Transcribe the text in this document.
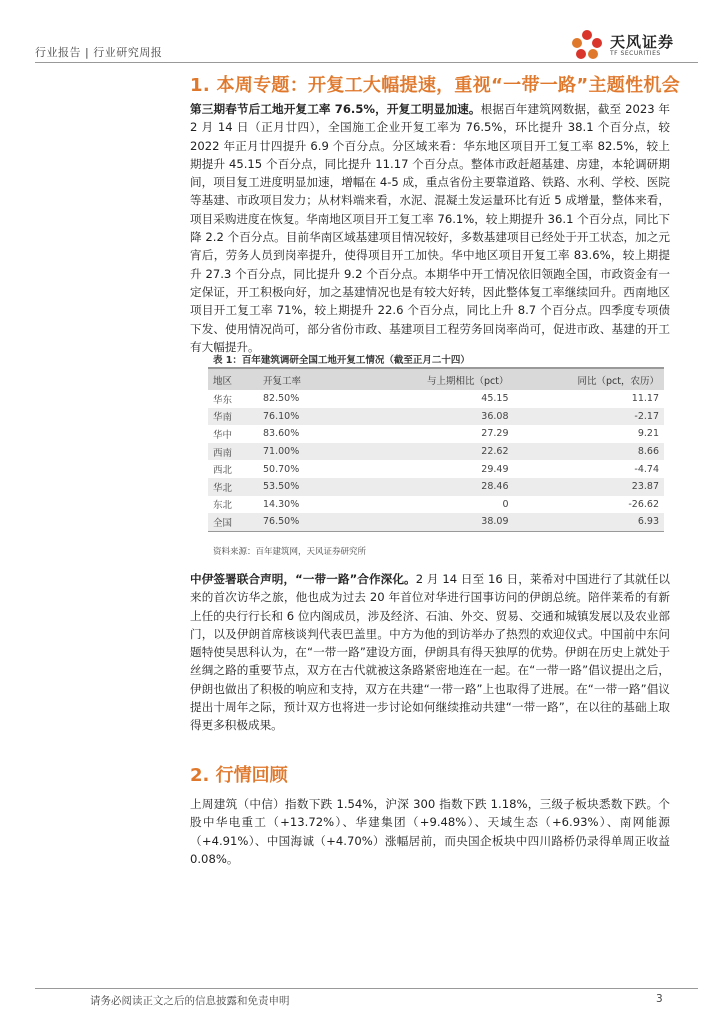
行业报告 | 行业研究周报
天风证券
TF SECURITIES
1. 本周专题：开复工大幅提速，重视“一带一路”主题性机会
第三期春节后工地开复工率 76.5%，开复工明显加速。根据百年建筑网数据，截至 2023 年 2 月 14 日（正月廿四），全国施工企业开复工率为 76.5%，环比提升 38.1 个百分点，较 2022 年正月廿四提升 6.9 个百分点。分区域来看：华东地区项目开工复工率 82.5%，较上期提升 45.15 个百分点，同比提升 11.17 个百分点。整体市政赶超基建、房建，本轮调研期间，项目复工进度明显加速，增幅在 4-5 成，重点省份主要靠道路、铁路、水利、学校、医院等基建、市政项目发力；从材料端来看，水泥、混凝土发运量环比有近 5 成增量，整体来看，项目采购进度在恢复。华南地区项目开工复工率 76.1%，较上期提升 36.1 个百分点，同比下降 2.2 个百分点。目前华南区域基建项目情况较好，多数基建项目已经处于开工状态，加之元宵后，劳务人员到岗率提升，使得项目开工加快。华中地区项目开复工率 83.6%，较上期提升 27.3 个百分点，同比提升 9.2 个百分点。本期华中开工情况依旧领跑全国，市政资金有一定保证，开工积极向好，加之基建情况也是有较大好转，因此整体复工率继续回升。西南地区项目开工复工率 71%，较上期提升 22.6 个百分点，同比上升 8.7 个百分点。四季度专项债下发、使用情况尚可，部分省份市政、基建项目工程劳务回岗率尚可，促进市政、基建的开工有大幅提升。
表 1：百年建筑调研全国工地开复工情况（截至正月二十四）
地区	开复工率	与上期相比（pct）	同比（pct，农历）
华东	82.50%	45.15	11.17
华南	76.10%	36.08	-2.17
华中	83.60%	27.29	9.21
西南	71.00%	22.62	8.66
西北	50.70%	29.49	-4.74
华北	53.50%	28.46	23.87
东北	14.30%	0	-26.62
全国	76.50%	38.09	6.93
资料来源：百年建筑网，天风证券研究所
中伊签署联合声明，“一带一路”合作深化。2 月 14 日至 16 日，莱希对中国进行了其就任以来的首次访华之旅，他也成为过去 20 年首位对华进行国事访问的伊朗总统。陪伴莱希的有新上任的央行行长和 6 位内阁成员，涉及经济、石油、外交、贸易、交通和城镇发展以及农业部门，以及伊朗首席核谈判代表巴盖里。中方为他的到访举办了热烈的欢迎仪式。中国前中东问题特使吴思科认为，在“一带一路”建设方面，伊朗具有得天独厚的优势。伊朗在历史上就处于丝绸之路的重要节点，双方在古代就被这条路紧密地连在一起。在“一带一路”倡议提出之后，伊朗也做出了积极的响应和支持，双方在共建“一带一路”上也取得了进展。在“一带一路”倡议提出十周年之际，预计双方也将进一步讨论如何继续推动共建“一带一路”，在以往的基础上取得更多积极成果。
2. 行情回顾
上周建筑（中信）指数下跌 1.54%，沪深 300 指数下跌 1.18%，三级子板块悉数下跌。个股中华电重工（+13.72%）、华建集团（+9.48%）、天域生态（+6.93%）、南网能源（+4.91%）、中国海诚（+4.70%）涨幅居前，而央国企板块中四川路桥仍录得单周正收益 0.08%。
请务必阅读正文之后的信息披露和免责申明	3
